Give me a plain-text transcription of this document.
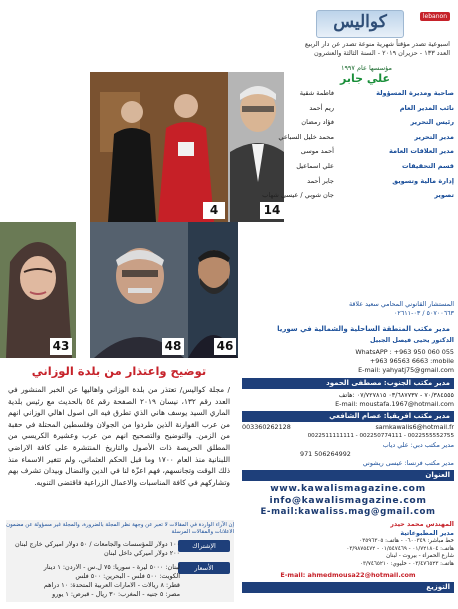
كواليس	lebanon
اسبوعية تصدر مؤقتاً شهرية منوعة تصدر عن دار الربيع
العدد ١٣٣ - حزيران ٢٠١٩ - السنة الثالثة والعشرون
مؤسسها عام ١٩٩٧
علي جابر
4	14
43	48	46
صاحبة ومديرة المسؤولة
فاطمة شقية
نائب المدير العام
ريم أحمد
رئيس التحرير
فؤاد رمضان
مدير التحرير
محمد خليل السباعي
مدير العلاقات العامة
أحمد موسى
قسم التحقيقات
علي اسماعيل
إدارة مالية وتسويق
جابر أحمد
تصوير
جان شوبي / عيسى شهاب
المستشار القانوني المحامي سعيد علاقة
٥٠٧٠٠٦٦٣ / ٠٣-٠٢٦١١
مدير مكتب المنطقة الساحلية والشمالية في سوريا
الدكتور يحيى فيصل الجبيل
WhatsAPP : +963 950 060 055
+963 96563 6663 :mobile
E-mail: yahyatj75@gmail.com
مدير مكتب الجنوب: مصطفى الحمود
٧٠/٣٨٤٥٥٥ - ٠٣/٦٨٧٧٣٧ ٠٧/٧٢٧٨١٥ :هاتف
E-mail: moustafa.1967@hotmail.com
مدير مكتب افريقيا: عصام الشافعي
003360262128	samkawalis6@hotmail.fr
0022511111111 - 002250774111 - 0022555552755
مدير مكتب دبي: علي دياب
971 506264992
مدير مكتب فرنسا: عيسى ريشوني
العنوان
www.kawalismagazine.com
info@kawalismagazine.com
E-mail:kawaliss.mag@gmail.com
المهندس محمد حيدر
مدير المطبوعاتية
خط مباشر: ٠٦٠٠٣٤٩ - هاتف: ٠٣٥٩٦٣٠٥
هاتف: ٠١/٧٢١٨٠٤ - ٠١/٥٤٧٤٦٩ - ٠٣/٩٨٧٥٤٧٢
شارع الحمراء - بيروت - لبنان
هاتف: ٠٣/٤٧٦٥٢٣ - خليوي: ٠٣/٧٤٦٥٢١٠
E-mail: ahmedmousa22@hotmail.com
التوزيع
توضيح واعتذار من بلدة الوزاني
/ مجلة كواليس/ تعتذر من بلدة الوزاني واهاليها عن الخبر المنشور في العدد رقم ١٣٢، نيسان ٢٠١٩ الصفحة رقم ٥٤ بالحديث مع رئيس بلدية الماري السيد يوسف هاني الذي تطرق فيه الى اصول اهالي الوزاني انهم من عرب القوارنة الذين طردوا من الجولان وفلسطين المحتلة في حقبة من الزمن. والتوضيح والتصحيح انهم من عرب وعشيرة الكريسي من المطلق الحريصة ذات الأصول والتاريخ المنتشرة على كافة الاراضي اللبنانية منذ العام ١٧٠٠ وما قبل الحكم العثماني، ولم تتغير الاسماء منذ ذلك الوقت وتجانسهم، فهم اعزّة لنا في الدين والنضال وبيدان تشرف بهم وتشاركهم في كافة المناسبات والاعمال الزراعية فاقتضى التنويه.
إن الآراء الواردة في المقالات لا تعبر عن وجهة نظر المجلة بالضرورة، والمجلة غير مسؤولة عن مضمون الاعلانات والمقالات المرسلة
الإشتراك
الأسعار
١٠٠ دولار للمؤسسات والجامعات / ٥٠ دولار اميركي خارج لبنان
٢٠٠ دولار اميركي داخل لبنان
لبنان: ٥٠٠٠ ليرة - سوريا: ٧٥ ل.س - الاردن: ١ دينار
الكويت: ٥٠٠ فلس - البحرين: ٥٠٠ فلس
قطر: ٨ ريالات - الامارات العربية المتحدة: ١٠ دراهم
مصر: ٥ جنيه - المغرب: ٣٠ ريال - قبرص: ١ يورو
